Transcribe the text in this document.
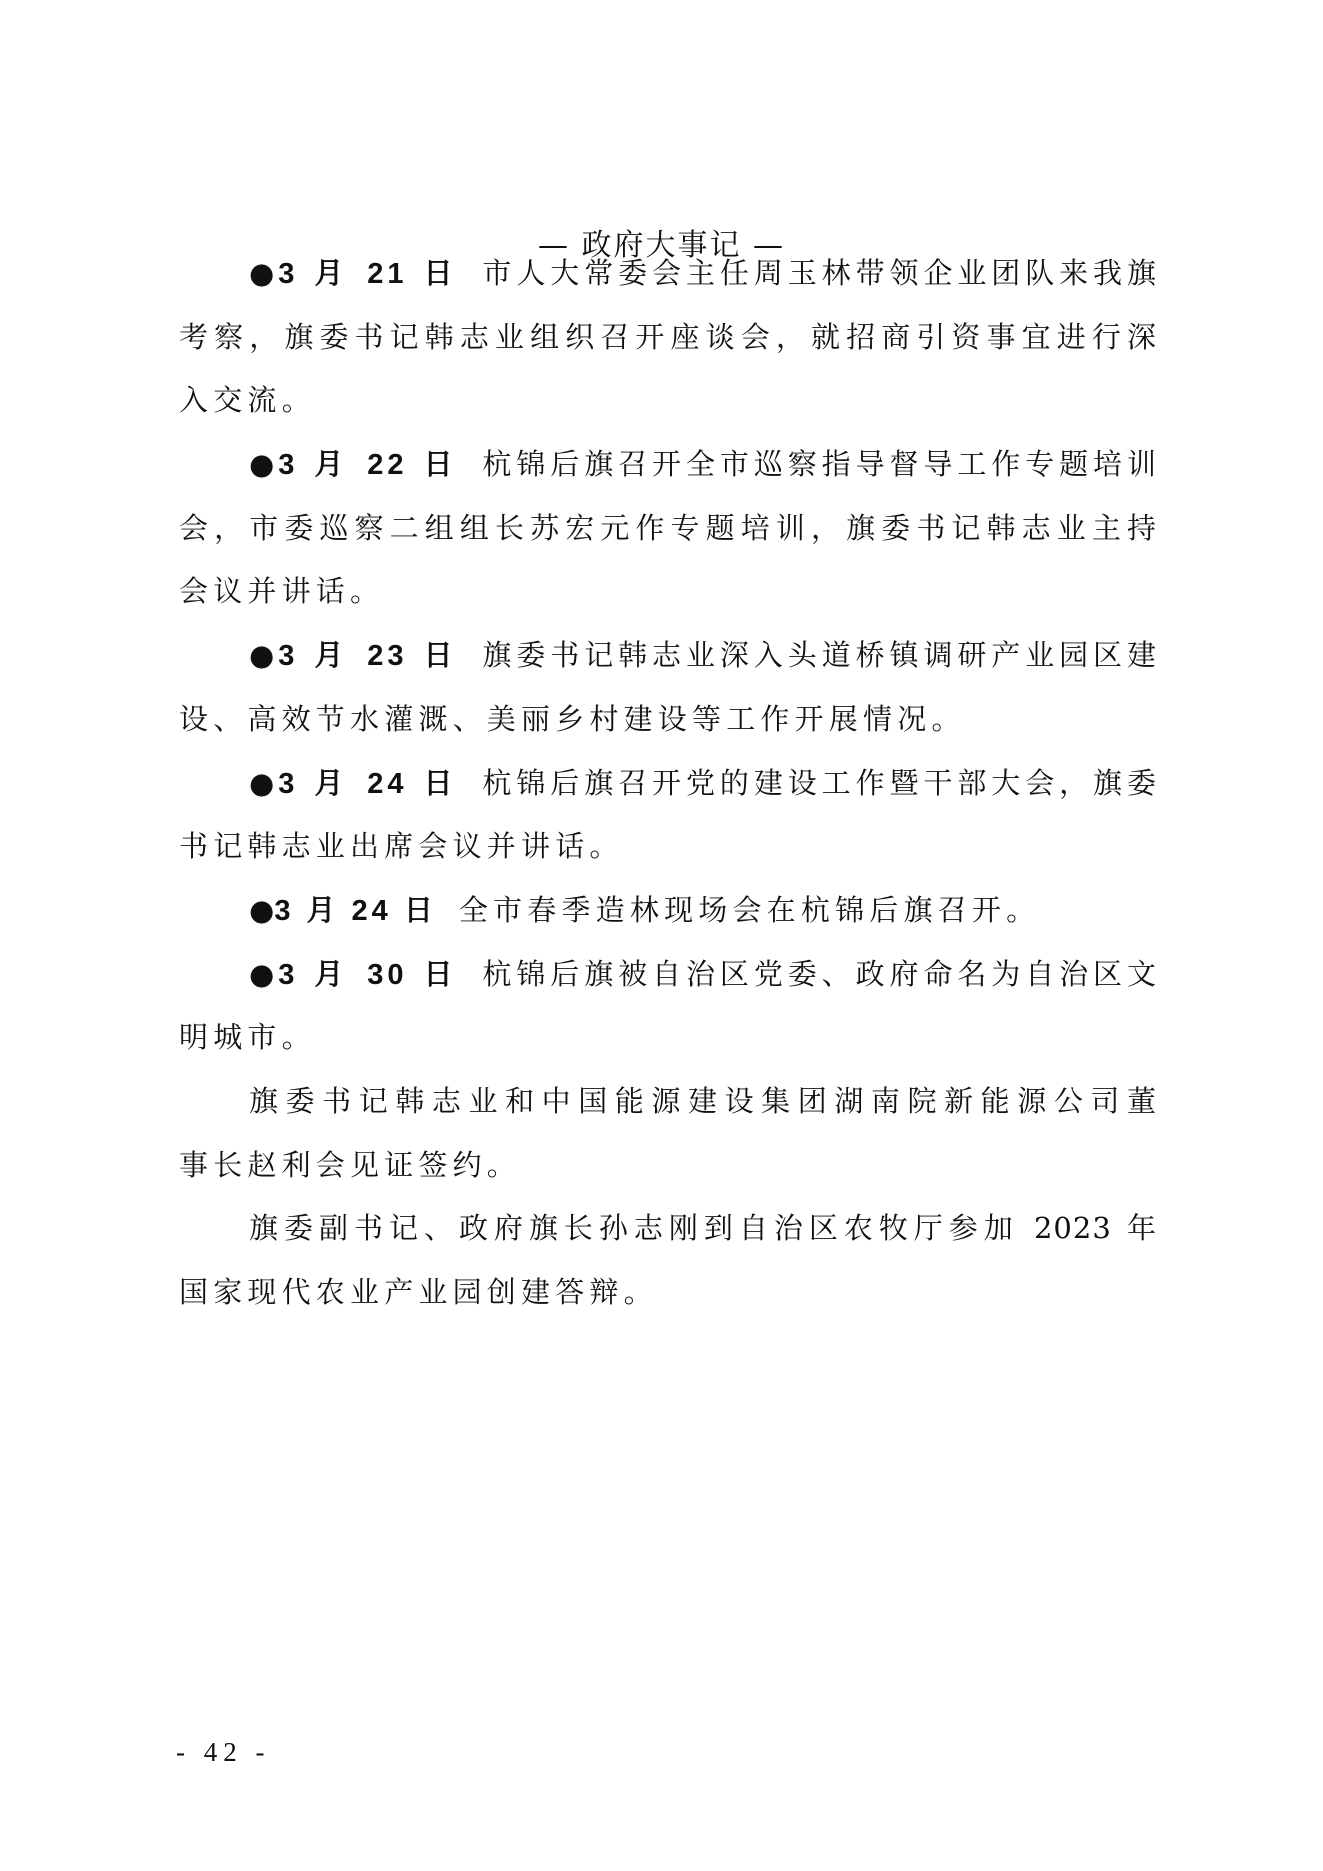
— 政府大事记 —
●3 月 21 日 市人大常委会主任周玉林带领企业团队来我旗
考察，旗委书记韩志业组织召开座谈会，就招商引资事宜进行深
入交流。
●3 月 22 日 杭锦后旗召开全市巡察指导督导工作专题培训
会，市委巡察二组组长苏宏元作专题培训，旗委书记韩志业主持
会议并讲话。
●3 月 23 日 旗委书记韩志业深入头道桥镇调研产业园区建
设、高效节水灌溉、美丽乡村建设等工作开展情况。
●3 月 24 日 杭锦后旗召开党的建设工作暨干部大会，旗委
书记韩志业出席会议并讲话。
●3 月 24 日 全市春季造林现场会在杭锦后旗召开。
●3 月 30 日 杭锦后旗被自治区党委、政府命名为自治区文
明城市。
旗委书记韩志业和中国能源建设集团湖南院新能源公司董
事长赵利会见证签约。
旗委副书记、政府旗长孙志刚到自治区农牧厅参加 2023 年
国家现代农业产业园创建答辩。
- 42 -
